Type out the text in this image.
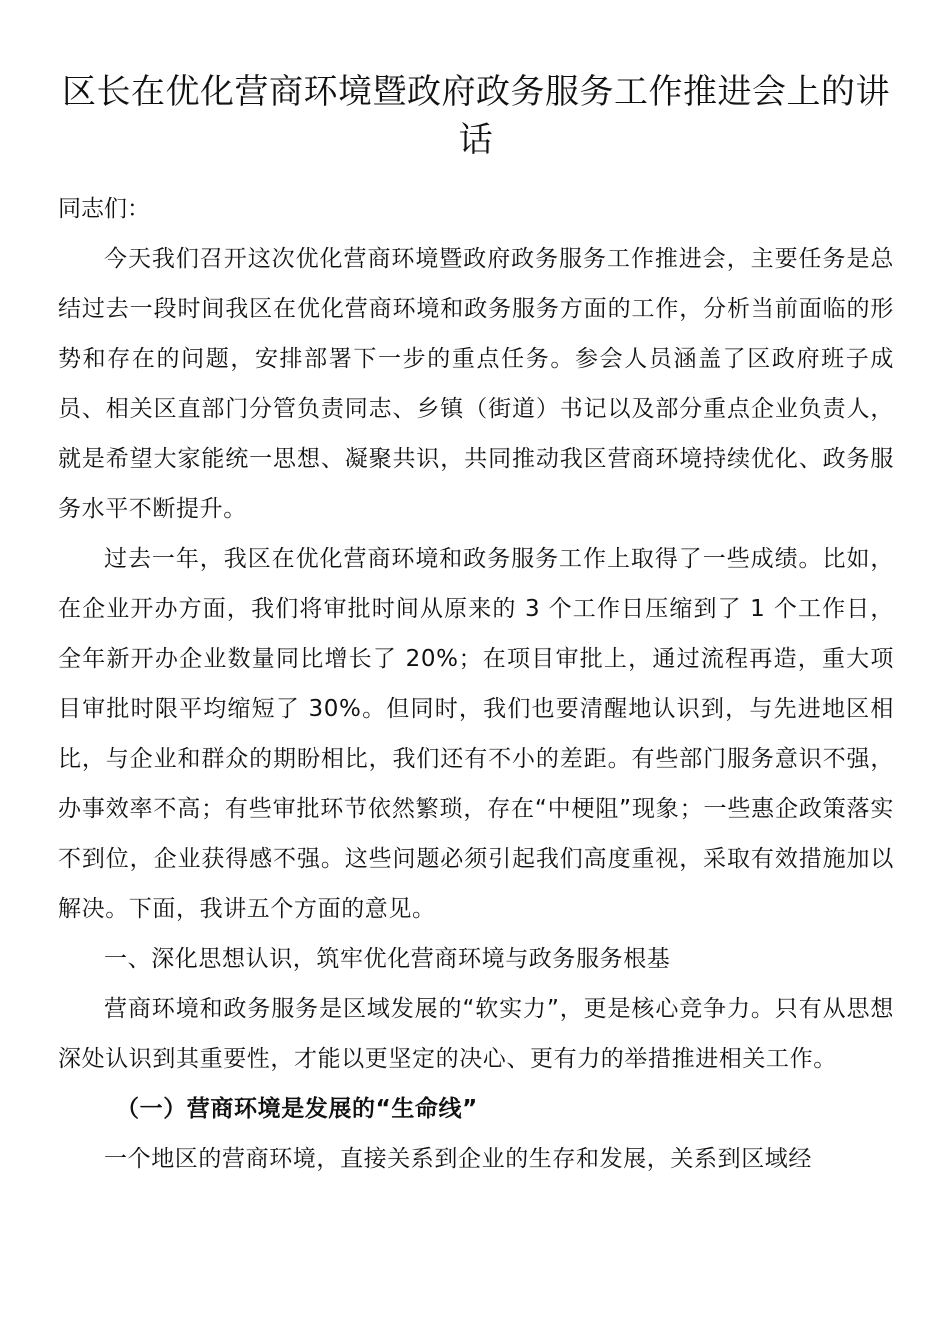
区长在优化营商环境暨政府政务服务工作推进会上的讲话

同志们：

今天我们召开这次优化营商环境暨政府政务服务工作推进会，主要任务是总结过去一段时间我区在优化营商环境和政务服务方面的工作，分析当前面临的形势和存在的问题，安排部署下一步的重点任务。参会人员涵盖了区政府班子成员、相关区直部门分管负责同志、乡镇（街道）书记以及部分重点企业负责人，就是希望大家能统一思想、凝聚共识，共同推动我区营商环境持续优化、政务服务水平不断提升。

过去一年，我区在优化营商环境和政务服务工作上取得了一些成绩。比如，在企业开办方面，我们将审批时间从原来的 3 个工作日压缩到了 1 个工作日，全年新开办企业数量同比增长了 20%；在项目审批上，通过流程再造，重大项目审批时限平均缩短了 30%。但同时，我们也要清醒地认识到，与先进地区相比，与企业和群众的期盼相比，我们还有不小的差距。有些部门服务意识不强，办事效率不高；有些审批环节依然繁琐，存在“中梗阻”现象；一些惠企政策落实不到位，企业获得感不强。这些问题必须引起我们高度重视，采取有效措施加以解决。下面，我讲五个方面的意见。

一、深化思想认识，筑牢优化营商环境与政务服务根基

营商环境和政务服务是区域发展的“软实力”，更是核心竞争力。只有从思想深处认识到其重要性，才能以更坚定的决心、更有力的举措推进相关工作。

（一）营商环境是发展的“生命线”

一个地区的营商环境，直接关系到企业的生存和发展，关系到区域经
